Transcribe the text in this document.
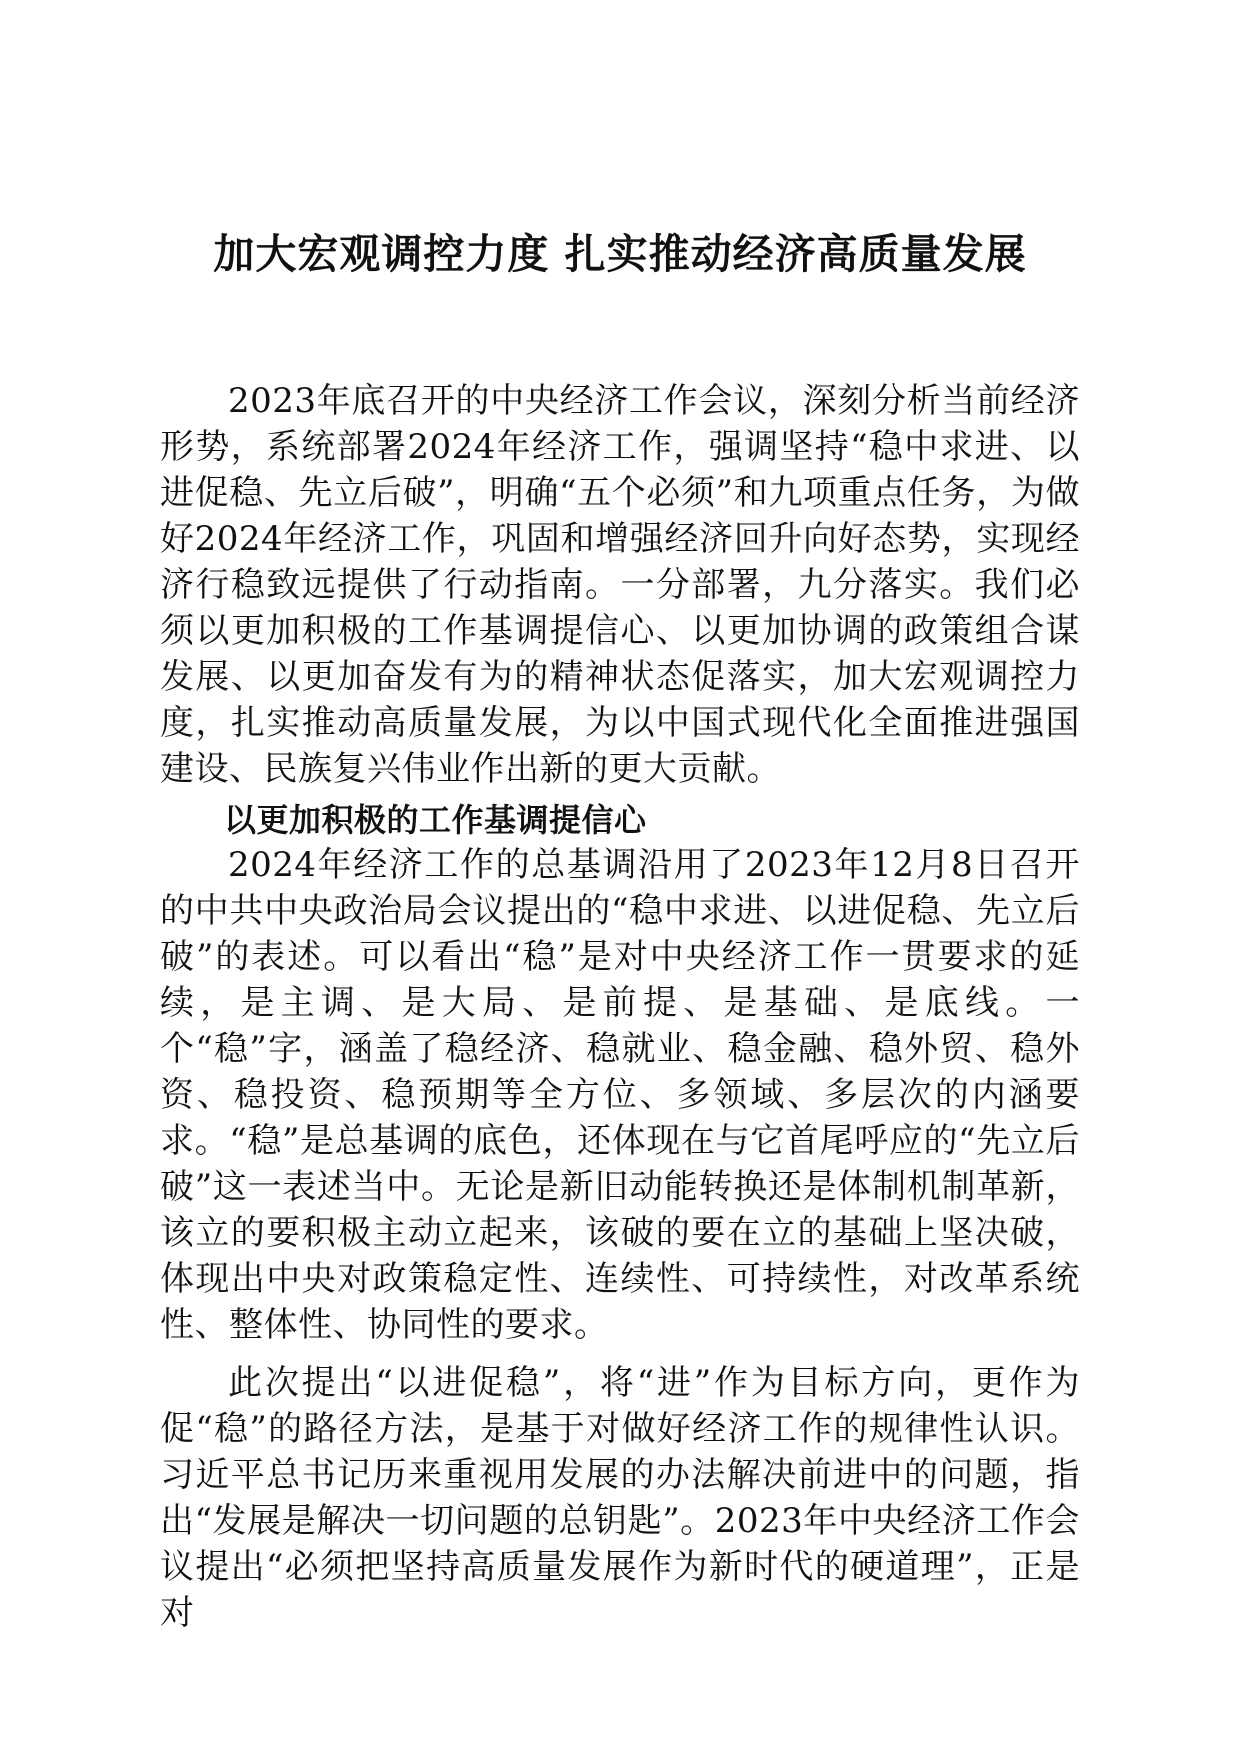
加大宏观调控力度 扎实推动经济高质量发展

2023年底召开的中央经济工作会议，深刻分析当前经济形势，系统部署2024年经济工作，强调坚持“稳中求进、以进促稳、先立后破”，明确“五个必须”和九项重点任务，为做好2024年经济工作，巩固和增强经济回升向好态势，实现经济行稳致远提供了行动指南。一分部署，九分落实。我们必须以更加积极的工作基调提信心、以更加协调的政策组合谋发展、以更加奋发有为的精神状态促落实，加大宏观调控力度，扎实推动高质量发展，为以中国式现代化全面推进强国建设、民族复兴伟业作出新的更大贡献。

以更加积极的工作基调提信心

2024年经济工作的总基调沿用了2023年12月8日召开的中共中央政治局会议提出的“稳中求进、以进促稳、先立后破”的表述。可以看出“稳”是对中央经济工作一贯要求的延续，是主调、是大局、是前提、是基础、是底线。一个“稳”字，涵盖了稳经济、稳就业、稳金融、稳外贸、稳外资、稳投资、稳预期等全方位、多领域、多层次的内涵要求。“稳”是总基调的底色，还体现在与它首尾呼应的“先立后破”这一表述当中。无论是新旧动能转换还是体制机制革新，该立的要积极主动立起来，该破的要在立的基础上坚决破，体现出中央对政策稳定性、连续性、可持续性，对改革系统性、整体性、协同性的要求。

此次提出“以进促稳”，将“进”作为目标方向，更作为促“稳”的路径方法，是基于对做好经济工作的规律性认识。习近平总书记历来重视用发展的办法解决前进中的问题，指出“发展是解决一切问题的总钥匙”。2023年中央经济工作会议提出“必须把坚持高质量发展作为新时代的硬道理”，正是对
